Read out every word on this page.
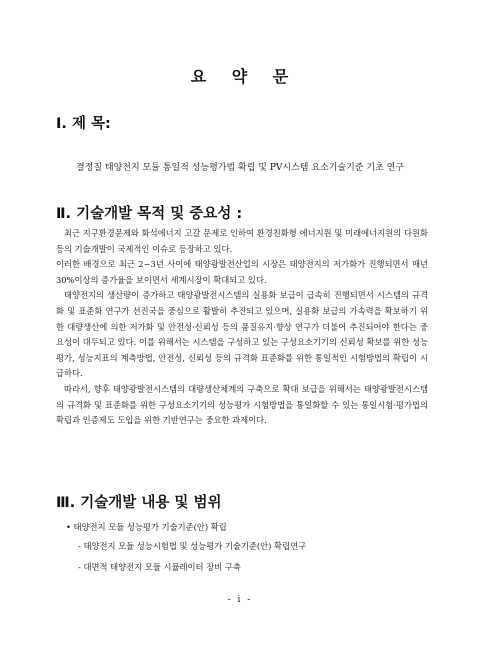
요 약 문
Ⅰ. 제 목:
결정질 태양전지 모듈 통일적 성능평가법 확립 및 PV시스템 요소기술기준 기초 연구
Ⅱ. 기술개발 목적 및 중요성 :

최근 지구환경문제와 화석에너지 고갈 문제로 인하여 환경친화형 에너지원 및 미래에너지원의 다원화 등의 기술개발이 국제적인 이슈로 등장하고 있다.

이러한 배경으로 최근 2~3년 사이에 태양광발전산업의 시장은 태양전지의 저가화가 진행되면서 매년 30%이상의 증가율을 보이면서 세계시장이 확대되고 있다.

태양전지의 생산량이 증가하고 태양광발전시스템의 실용화 보급이 급속히 진행되면서 시스템의 규격화 및 표준화 연구가 선진국을 중심으로 활발히 추진되고 있으며, 실용화 보급의 가속력을 확보하기 위한 대량생산에 의한 저가화 및 안전성·신뢰성 등의 품질유지·향상 연구가 더불어 추진되어야 한다는 중요성이 대두되고 있다. 이를 위해서는 시스템을 구성하고 있는 구성요소기기의 신뢰성 확보를 위한 성능평가, 성능지표의 계측방법, 안전성, 신뢰성 등의 규격화 표준화를 위한 통일적인 시험방법의 확립이 시급하다.

따라서, 향후 태양광발전시스템의 대량생산체계의 구축으로 확대 보급을 위해서는 태양광발전시스템의 규격화 및 표준화를 위한 구성요소기기의 성능평가 시험방법을 통일화할 수 있는 통일시험·평가법의 확립과 인증제도 도입을 위한 기반연구는 중요한 과제이다.

Ⅲ. 기술개발 내용 및 범위
• 태양전지 모듈 성능평가 기술기준(안) 확립
- 태양전지 모듈 성능시험법 및 성능평가 기술기준(안) 확립연구
- 대면적 태양전지 모듈 시뮬레이터 장비 구축
- i -
